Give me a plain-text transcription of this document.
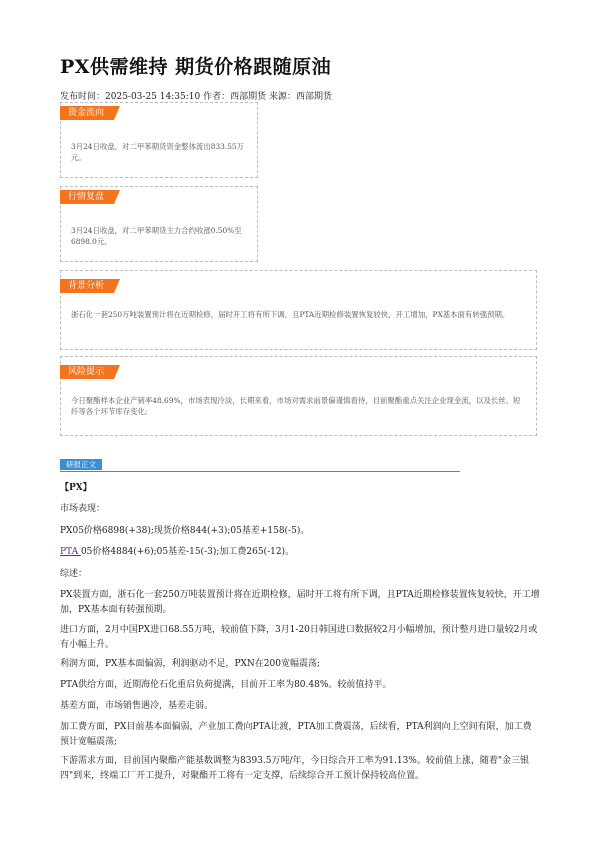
PX供需维持 期货价格跟随原油
发布时间：2025-03-25 14:35:10 作者：西部期货 来源：西部期货
资金流向
3月24日收盘，对二甲苯期货资金整体流出833.55万元。
行情复盘
3月24日收盘，对二甲苯期货主力合约收涨0.50%至6898.0元。
背景分析
浙石化一套250万吨装置预计将在近期检修，届时开工将有所下调，且PTA近期检修装置恢复较快，开工增加，PX基本面有转强预期。
风险提示
今日聚酯样本企业产销率48.69%，市场表现冷淡，长期来看，市场对需求前景偏谨慎看待，目前聚酯重点关注企业现金流，以及长丝、短纤等各个环节库存变化;
研报正文

【PX】

市场表现：

PX05价格6898(+38);现货价格844(+3);05基差+158(-5)。

PTA 05价格4884(+6);05基差-15(-3);加工费265(-12)。

综述：

PX装置方面，浙石化一套250万吨装置预计将在近期检修，届时开工将有所下调，且PTA近期检修装置恢复较快，开工增加，PX基本面有转强预期。

进口方面，2月中国PX进口68.55万吨，较前值下降，3月1-20日韩国进口数据较2月小幅增加，预计整月进口量较2月或有小幅上升。

利润方面，PX基本面偏弱，利润驱动不足，PXN在200宽幅震荡;

PTA供给方面，近期海伦石化重启负荷提满，目前开工率为80.48%。较前值持平。

基差方面，市场销售遇冷，基差走弱。

加工费方面，PX目前基本面偏弱，产业加工费向PTA让渡，PTA加工费震荡，后续看，PTA利润向上空间有限，加工费预计宽幅震荡;

下游需求方面，目前国内聚酯产能基数调整为8393.5万吨/年，今日综合开工率为91.13%。较前值上涨，随着"金三银四"到来，终端工厂开工提升，对聚酯开工将有一定支撑，后续综合开工预计保持较高位置。
